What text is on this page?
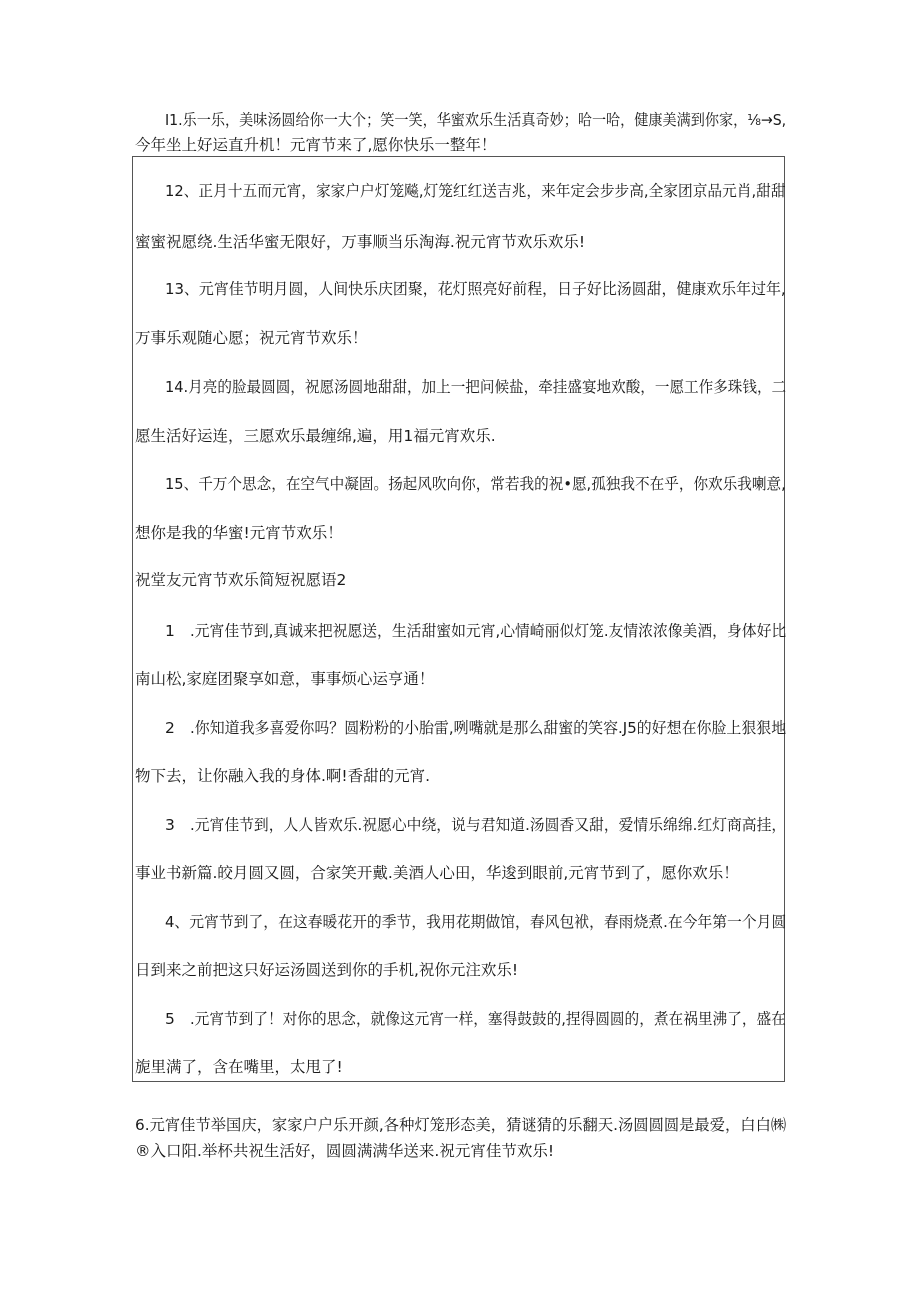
I1.乐一乐，美味汤圆给你一大个；笑一笑，华蜜欢乐生活真奇妙；哈一哈，健康美满到你家，⅛→S,
今年坐上好运直升机！元宵节来了,愿你快乐一整年！
12、正月十五而元宵，家家户户灯笼飚,灯笼红红送吉兆，来年定会步步高,全家团京品元肖,甜甜
蜜蜜祝愿绕.生活华蜜无限好，万事顺当乐淘海.祝元宵节欢乐欢乐!
13、元宵佳节明月圆，人间快乐庆团聚，花灯照亮好前程，日子好比汤圆甜，健康欢乐年过年,
万事乐观随心愿；祝元宵节欢乐！
14.月亮的脸最圆圆，祝愿汤圆地甜甜，加上一把问候盐，牵挂盛宴地欢酸，一愿工作多珠钱，二
愿生活好运连，三愿欢乐最缠绵,遍，用1福元宵欢乐.
15、千万个思念，在空气中凝固。扬起风吹向你，常若我的祝•愿,孤独我不在乎，你欢乐我喇意,
想你是我的华蜜!元宵节欢乐！
祝堂友元宵节欢乐简短祝愿语2
1 .元宵佳节到,真诚来把祝愿送，生活甜蜜如元宵,心情崎丽似灯笼.友情浓浓像美酒，身体好比
南山松,家庭团聚享如意，事事烦心运亨通！
2 .你知道我多喜爱你吗？圆粉粉的小胎雷,咧嘴就是那么甜蜜的笑容.J5的好想在你脸上狠狠地
物下去，让你融入我的身体.啊!香甜的元宵.
3 .元宵佳节到，人人皆欢乐.祝愿心中绕，说与君知道.汤圆香又甜，爱情乐绵绵.红灯商高挂，
事业书新篇.皎月圆又圆，合家笑开戴.美酒人心田，华逡到眼前,元宵节到了，愿你欢乐！
4、元宵节到了，在这春暖花开的季节，我用花期做馆，春风包袱，春雨烧煮.在今年第一个月圆
日到来之前把这只好运汤圆送到你的手机,祝你元注欢乐!
5 .元宵节到了！对你的思念，就像这元宵一样，塞得鼓鼓的,捏得圆圆的，煮在祸里沸了，盛在
旎里满了，含在嘴里，太甩了!
6.元宵佳节举国庆，家家户户乐开颜,各种灯笼形态美，猜谜猜的乐翻天.汤圆圆圆是最爱，白白㈱
®入口阳.举杯共祝生活好，圆圆满满华送来.祝元宵佳节欢乐!
